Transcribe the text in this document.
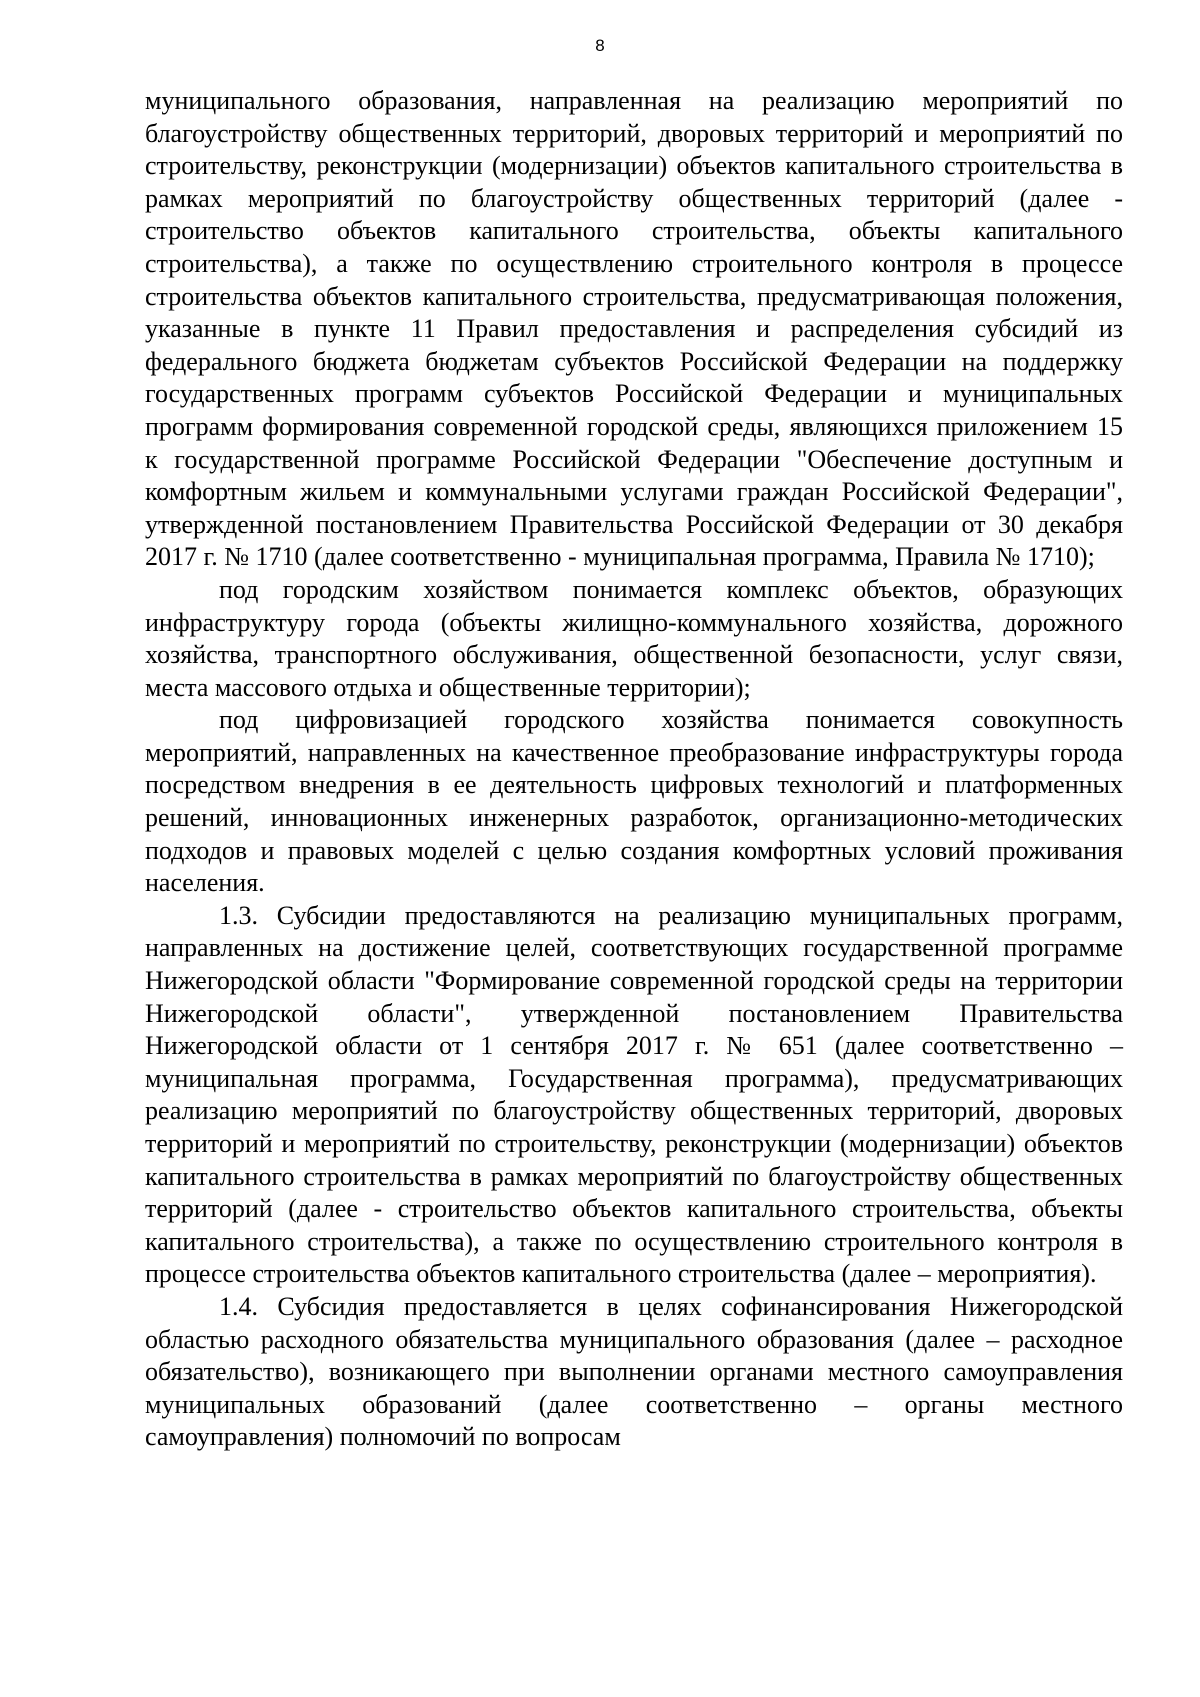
8

муниципального образования, направленная на реализацию мероприятий по благоустройству общественных территорий, дворовых территорий и мероприятий по строительству, реконструкции (модернизации) объектов капитального строительства в рамках мероприятий по благоустройству общественных территорий (далее - строительство объектов капитального строительства, объекты капитального строительства), а также по осуществлению строительного контроля в процессе строительства объектов капитального строительства, предусматривающая положения, указанные в пункте 11 Правил предоставления и распределения субсидий из федерального бюджета бюджетам субъектов Российской Федерации на поддержку государственных программ субъектов Российской Федерации и муниципальных программ формирования современной городской среды, являющихся приложением 15 к государственной программе Российской Федерации "Обеспечение доступным и комфортным жильем и коммунальными услугами граждан Российской Федерации", утвержденной постановлением Правительства Российской Федерации от 30 декабря 2017 г. № 1710 (далее соответственно - муниципальная программа, Правила № 1710);

под городским хозяйством понимается комплекс объектов, образующих инфраструктуру города (объекты жилищно-коммунального хозяйства, дорожного хозяйства, транспортного обслуживания, общественной безопасности, услуг связи, места массового отдыха и общественные территории);

под цифровизацией городского хозяйства понимается совокупность мероприятий, направленных на качественное преобразование инфраструктуры города посредством внедрения в ее деятельность цифровых технологий и платформенных решений, инновационных инженерных разработок, организационно-методических подходов и правовых моделей с целью создания комфортных условий проживания населения.

1.3. Субсидии предоставляются на реализацию муниципальных программ, направленных на достижение целей, соответствующих государственной программе Нижегородской области "Формирование современной городской среды на территории Нижегородской области", утвержденной постановлением Правительства Нижегородской области от 1 сентября 2017 г. № 651 (далее соответственно – муниципальная программа, Государственная программа), предусматривающих реализацию мероприятий по благоустройству общественных территорий, дворовых территорий и мероприятий по строительству, реконструкции (модернизации) объектов капитального строительства в рамках мероприятий по благоустройству общественных территорий (далее - строительство объектов капитального строительства, объекты капитального строительства), а также по осуществлению строительного контроля в процессе строительства объектов капитального строительства (далее – мероприятия).

1.4. Субсидия предоставляется в целях софинансирования Нижегородской областью расходного обязательства муниципального образования (далее – расходное обязательство), возникающего при выполнении органами местного самоуправления муниципальных образований (далее соответственно – органы местного самоуправления) полномочий по вопросам
